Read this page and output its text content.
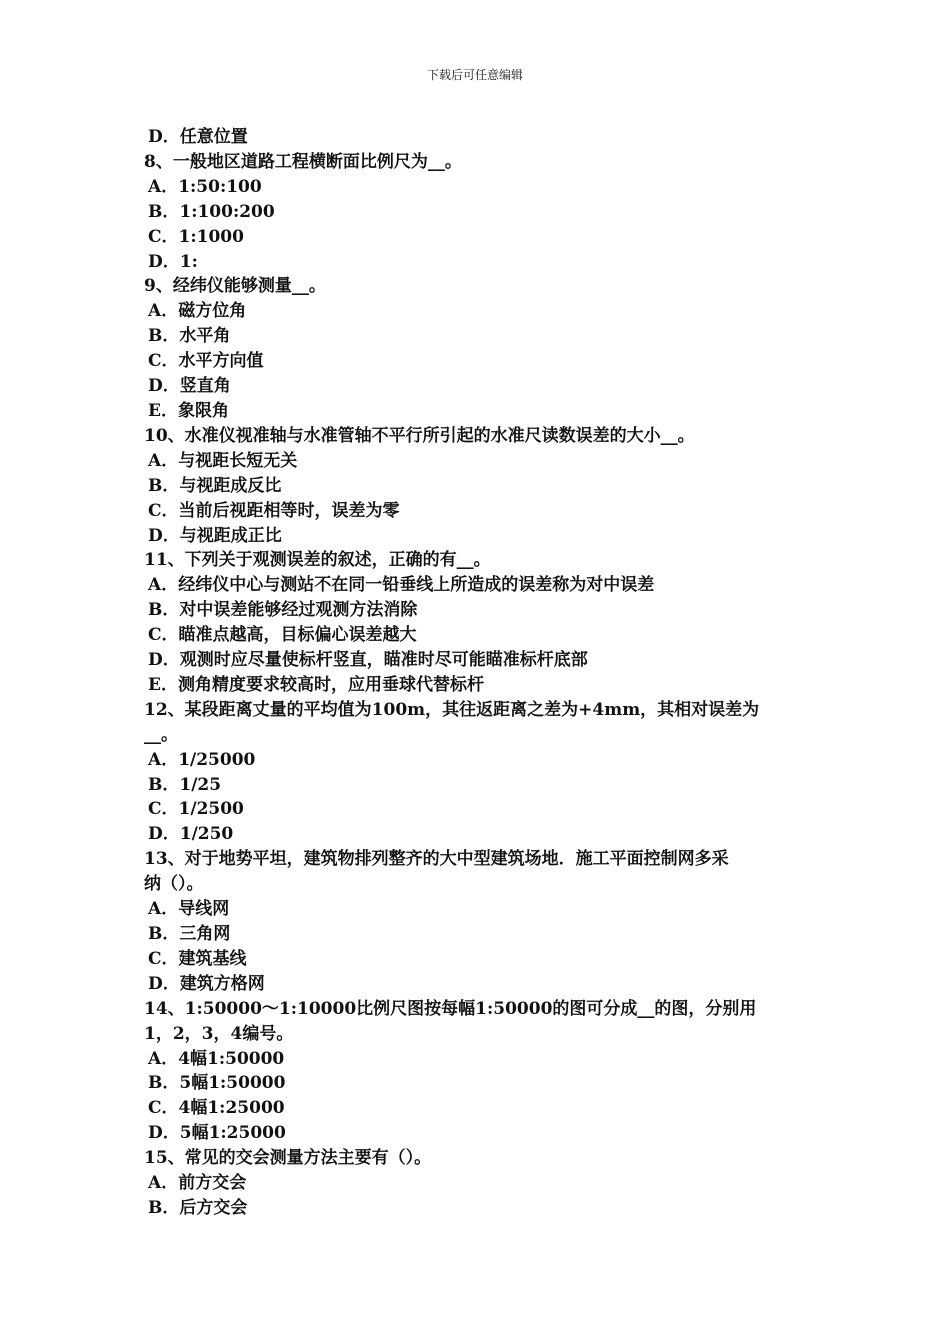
下载后可任意编辑
D．任意位置
8、一般地区道路工程横断面比例尺为__。
A．1:50:100
B．1:100:200
C．1:1000
D．1:
9、经纬仪能够测量__。
A．磁方位角
B．水平角
C．水平方向值
D．竖直角
E．象限角
10、水准仪视准轴与水准管轴不平行所引起的水准尺读数误差的大小__。
A．与视距长短无关
B．与视距成反比
C．当前后视距相等时，误差为零
D．与视距成正比
11、下列关于观测误差的叙述，正确的有__。
A．经纬仪中心与测站不在同一铅垂线上所造成的误差称为对中误差
B．对中误差能够经过观测方法消除
C．瞄准点越高，目标偏心误差越大
D．观测时应尽量使标杆竖直，瞄准时尽可能瞄准标杆底部
E．测角精度要求较高时，应用垂球代替标杆
12、某段距离丈量的平均值为100m，其往返距离之差为+4mm，其相对误差为
__。
A．1/25000
B．1/25
C．1/2500
D．1/250
13、对于地势平坦，建筑物排列整齐的大中型建筑场地．施工平面控制网多采
纳（）。
A．导线网
B．三角网
C．建筑基线
D．建筑方格网
14、1:50000～1:10000比例尺图按每幅1:50000的图可分成__的图，分别用
1，2，3，4编号。
A．4幅1:50000
B．5幅1:50000
C．4幅1:25000
D．5幅1:25000
15、常见的交会测量方法主要有（）。
A．前方交会
B．后方交会
